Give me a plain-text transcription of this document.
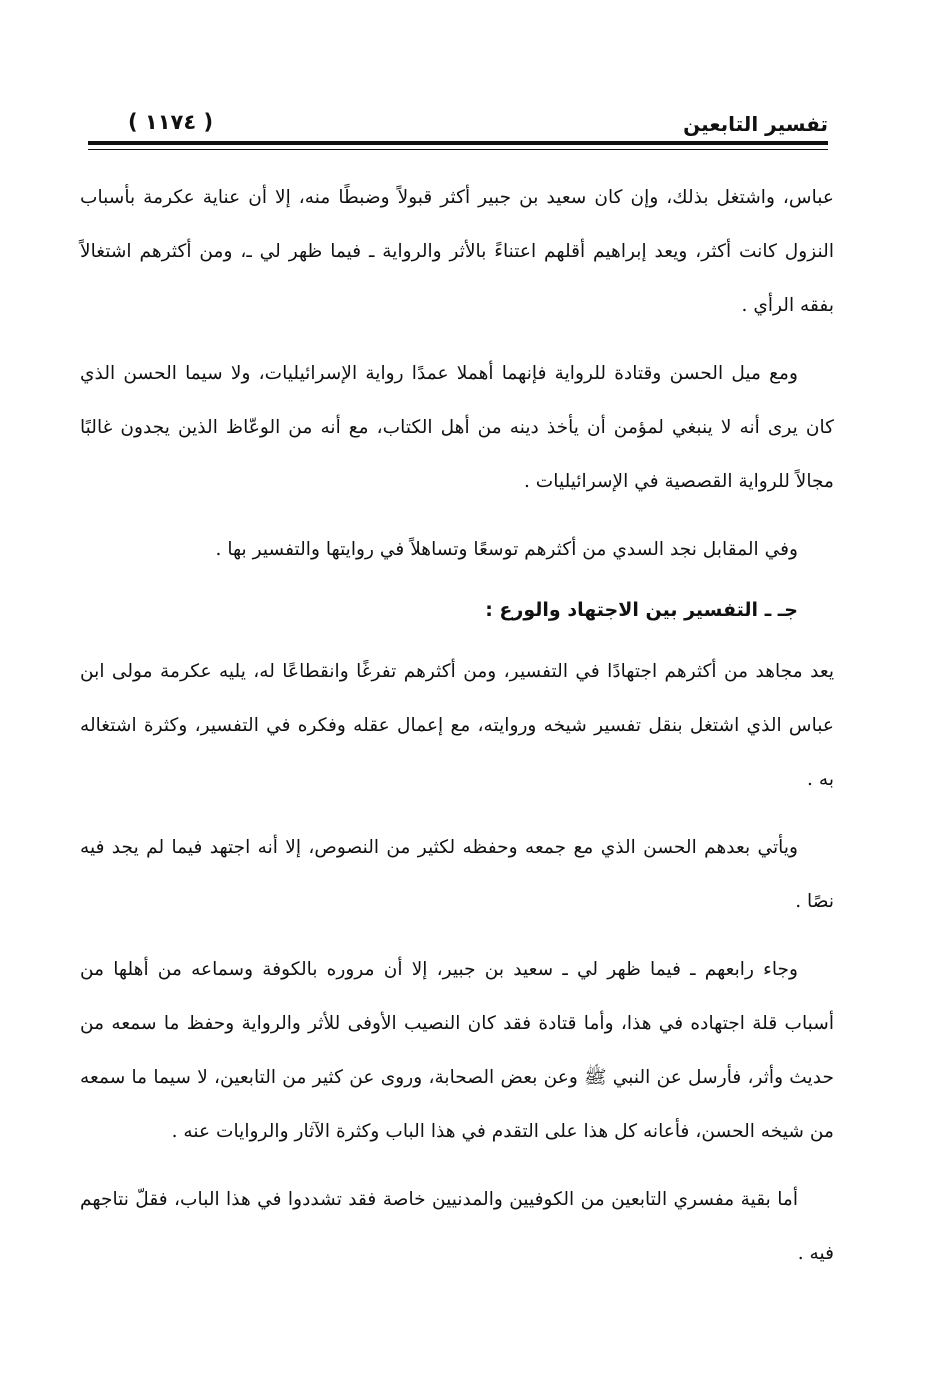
تفسير التابعين
( ١١٧٤ )

عباس، واشتغل بذلك، وإن كان سعيد بن جبير أكثر قبولاً وضبطًا منه، إلا أن عناية عكرمة بأسباب النزول كانت أكثر، ويعد إبراهيم أقلهم اعتناءً بالأثر والرواية ـ فيما ظهر لي ـ، ومن أكثرهم اشتغالاً بفقه الرأي .

ومع ميل الحسن وقتادة للرواية فإنهما أهملا عمدًا رواية الإسرائيليات، ولا سيما الحسن الذي كان يرى أنه لا ينبغي لمؤمن أن يأخذ دينه من أهل الكتاب، مع أنه من الوعّاظ الذين يجدون غالبًا مجالاً للرواية القصصية في الإسرائيليات .

وفي المقابل نجد السدي من أكثرهم توسعًا وتساهلاً في روايتها والتفسير بها .

جـ ـ التفسير بين الاجتهاد والورع :

يعد مجاهد من أكثرهم اجتهادًا في التفسير، ومن أكثرهم تفرغًا وانقطاعًا له، يليه عكرمة مولى ابن عباس الذي اشتغل بنقل تفسير شيخه وروايته، مع إعمال عقله وفكره في التفسير، وكثرة اشتغاله به .

ويأتي بعدهم الحسن الذي مع جمعه وحفظه لكثير من النصوص، إلا أنه اجتهد فيما لم يجد فيه نصًا .

وجاء رابعهم ـ فيما ظهر لي ـ سعيد بن جبير، إلا أن مروره بالكوفة وسماعه من أهلها من أسباب قلة اجتهاده في هذا، وأما قتادة فقد كان النصيب الأوفى للأثر والرواية وحفظ ما سمعه من حديث وأثر، فأرسل عن النبي ﷺ وعن بعض الصحابة، وروى عن كثير من التابعين، لا سيما ما سمعه من شيخه الحسن، فأعانه كل هذا على التقدم في هذا الباب وكثرة الآثار والروايات عنه .

أما بقية مفسري التابعين من الكوفيين والمدنيين خاصة فقد تشددوا في هذا الباب، فقلّ نتاجهم فيه .
